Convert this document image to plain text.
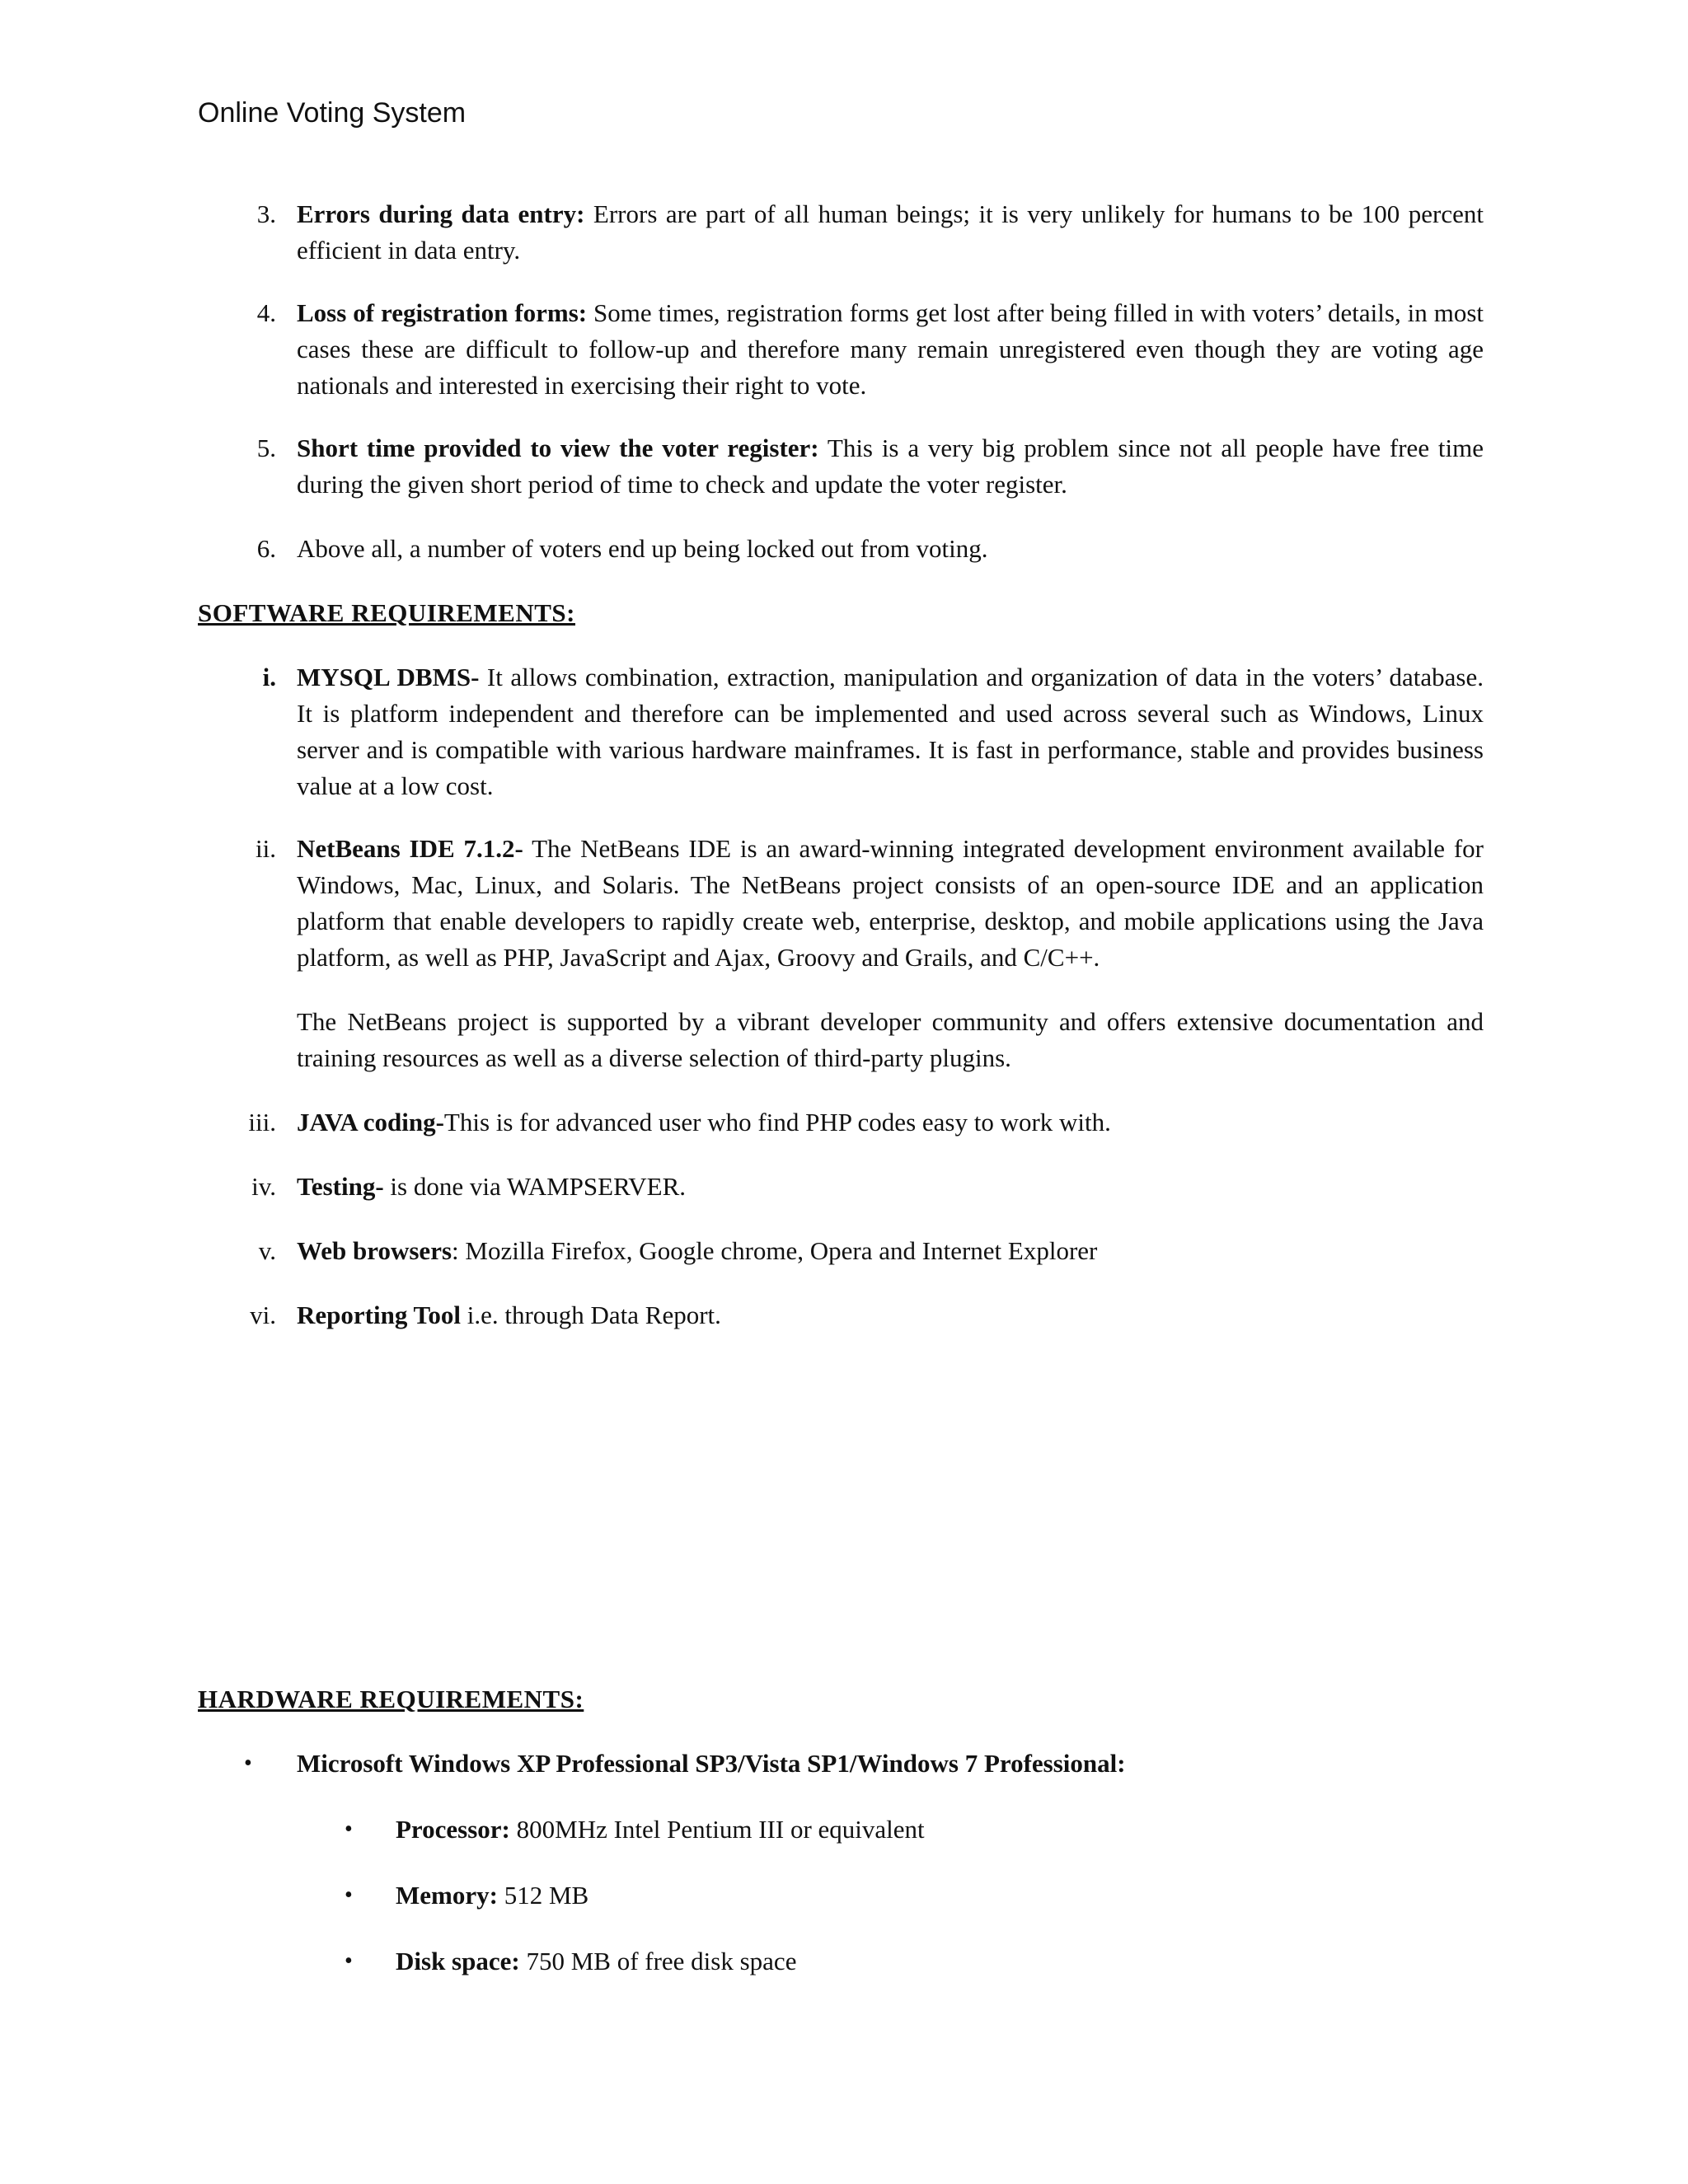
Online Voting System
3. Errors during data entry: Errors are part of all human beings; it is very unlikely for humans to be 100 percent efficient in data entry.
4. Loss of registration forms: Some times, registration forms get lost after being filled in with voters’ details, in most cases these are difficult to follow-up and therefore many remain unregistered even though they are voting age nationals and interested in exercising their right to vote.
5. Short time provided to view the voter register: This is a very big problem since not all people have free time during the given short period of time to check and update the voter register.
6. Above all, a number of voters end up being locked out from voting.
SOFTWARE REQUIREMENTS:
i. MYSQL DBMS- It allows combination, extraction, manipulation and organization of data in the voters’ database. It is platform independent and therefore can be implemented and used across several such as Windows, Linux server and is compatible with various hardware mainframes. It is fast in performance, stable and provides business value at a low cost.
ii. NetBeans IDE 7.1.2- The NetBeans IDE is an award-winning integrated development environment available for Windows, Mac, Linux, and Solaris. The NetBeans project consists of an open-source IDE and an application platform that enable developers to rapidly create web, enterprise, desktop, and mobile applications using the Java platform, as well as PHP, JavaScript and Ajax, Groovy and Grails, and C/C++.
The NetBeans project is supported by a vibrant developer community and offers extensive documentation and training resources as well as a diverse selection of third-party plugins.
iii. JAVA coding-This is for advanced user who find PHP codes easy to work with.
iv. Testing- is done via WAMPSERVER.
v. Web browsers: Mozilla Firefox, Google chrome, Opera and Internet Explorer
vi. Reporting Tool i.e. through Data Report.
HARDWARE REQUIREMENTS:
• Microsoft Windows XP Professional SP3/Vista SP1/Windows 7 Professional:
• Processor: 800MHz Intel Pentium III or equivalent
• Memory: 512 MB
• Disk space: 750 MB of free disk space
